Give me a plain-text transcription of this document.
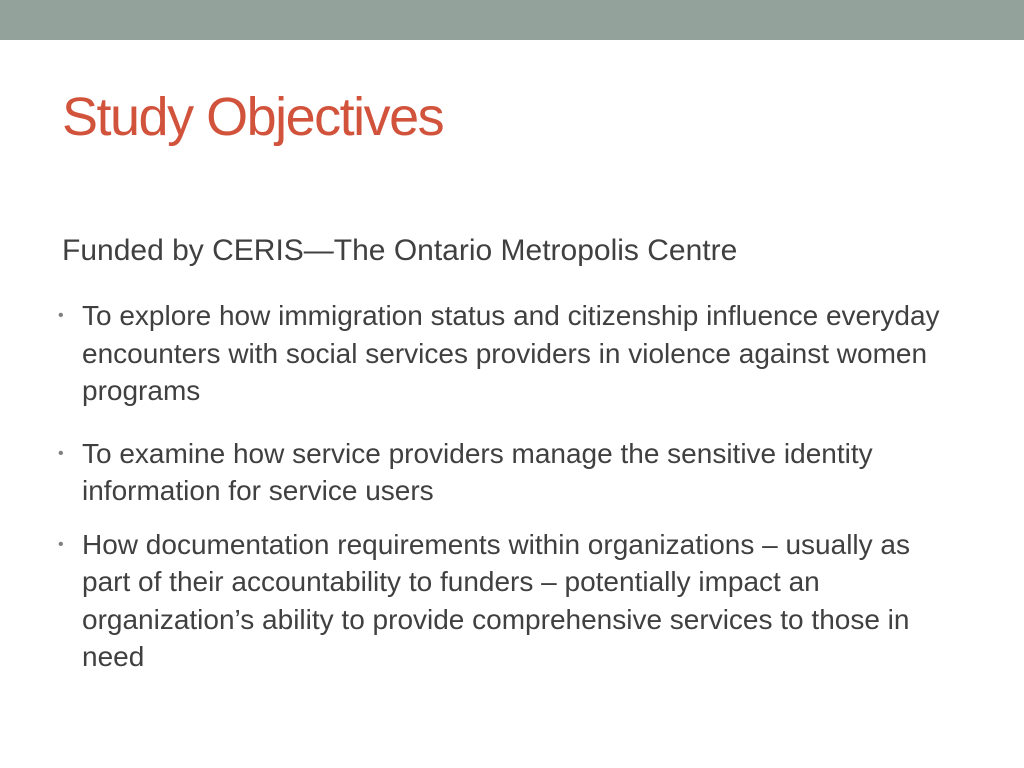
Study Objectives

Funded by CERIS—The Ontario Metropolis Centre

• To explore how immigration status and citizenship influence everyday encounters with social services providers in violence against women programs
• To examine how service providers manage the sensitive identity information for service users
• How documentation requirements within organizations – usually as part of their accountability to funders – potentially impact an organization’s ability to provide comprehensive services to those in need
